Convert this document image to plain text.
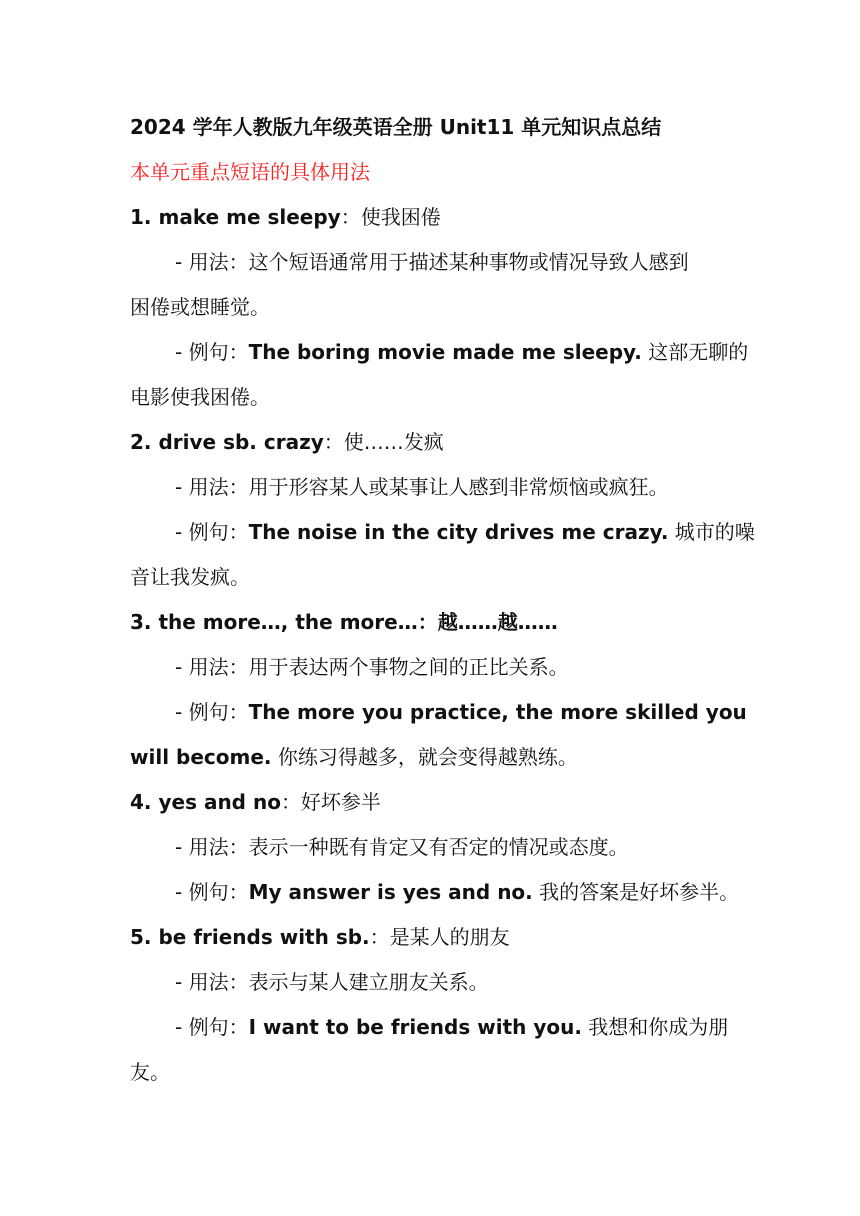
2024 学年人教版九年级英语全册 Unit11 单元知识点总结
本单元重点短语的具体用法
1. make me sleepy：使我困倦
- 用法：这个短语通常用于描述某种事物或情况导致人感到
困倦或想睡觉。
- 例句：The boring movie made me sleepy. 这部无聊的
电影使我困倦。
2. drive sb. crazy：使……发疯
- 用法：用于形容某人或某事让人感到非常烦恼或疯狂。
- 例句：The noise in the city drives me crazy. 城市的噪
音让我发疯。
3. the more…, the more…：越……越……
- 用法：用于表达两个事物之间的正比关系。
- 例句：The more you practice, the more skilled you
will become. 你练习得越多，就会变得越熟练。
4. yes and no：好坏参半
- 用法：表示一种既有肯定又有否定的情况或态度。
- 例句：My answer is yes and no. 我的答案是好坏参半。
5. be friends with sb.：是某人的朋友
- 用法：表示与某人建立朋友关系。
- 例句：I want to be friends with you. 我想和你成为朋
友。
